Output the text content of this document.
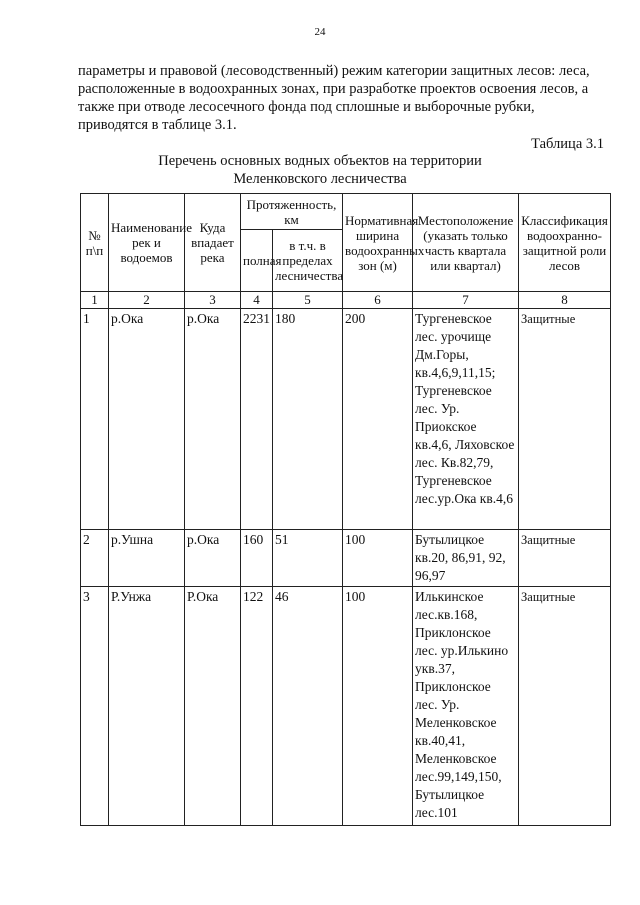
24

параметры и правовой (лесоводственный) режим категории защитных лесов: леса,

расположенные в водоохранных зонах, при разработке проектов освоения лесов, а

также при отводе лесосечного фонда под сплошные и выборочные рубки,

приводятся в таблице 3.1.

Таблица 3.1
Перечень основных водных объектов на территории
Меленковского лесничества
№ п\п	Наименование рек и водоемов	Куда впадает река	Протяженность, км		Нормативная ширина водоохранных зон (м)	Местоположение (указать только часть квартала или квартал)	Классификация водоохранно-защитной роли лесов
			полная	в т.ч. в пределах лесничества			
1	2	3	4	5	6	7	8
1	р.Ока	р.Ока	2231	180	200	Тургеневское лес. урочище Дм.Горы, кв.4,6,9,11,15; Тургеневское лес. Ур. Приокское кв.4,6, Ляховское лес. Кв.82,79, Тургеневское лес.ур.Ока кв.4,6	Защитные
2	р.Ушна	р.Ока	160	51	100	Бутылицкое кв.20, 86,91, 92, 96,97	Защитные
3	Р.Унжа	Р.Ока	122	46	100	Илькинское лес.кв.168, Приклонское лес. ур.Илькино укв.37, Приклонское лес. Ур. Меленковское кв.40,41, Меленковское лес.99,149,150, Бутылицкое лес.101	Защитные
